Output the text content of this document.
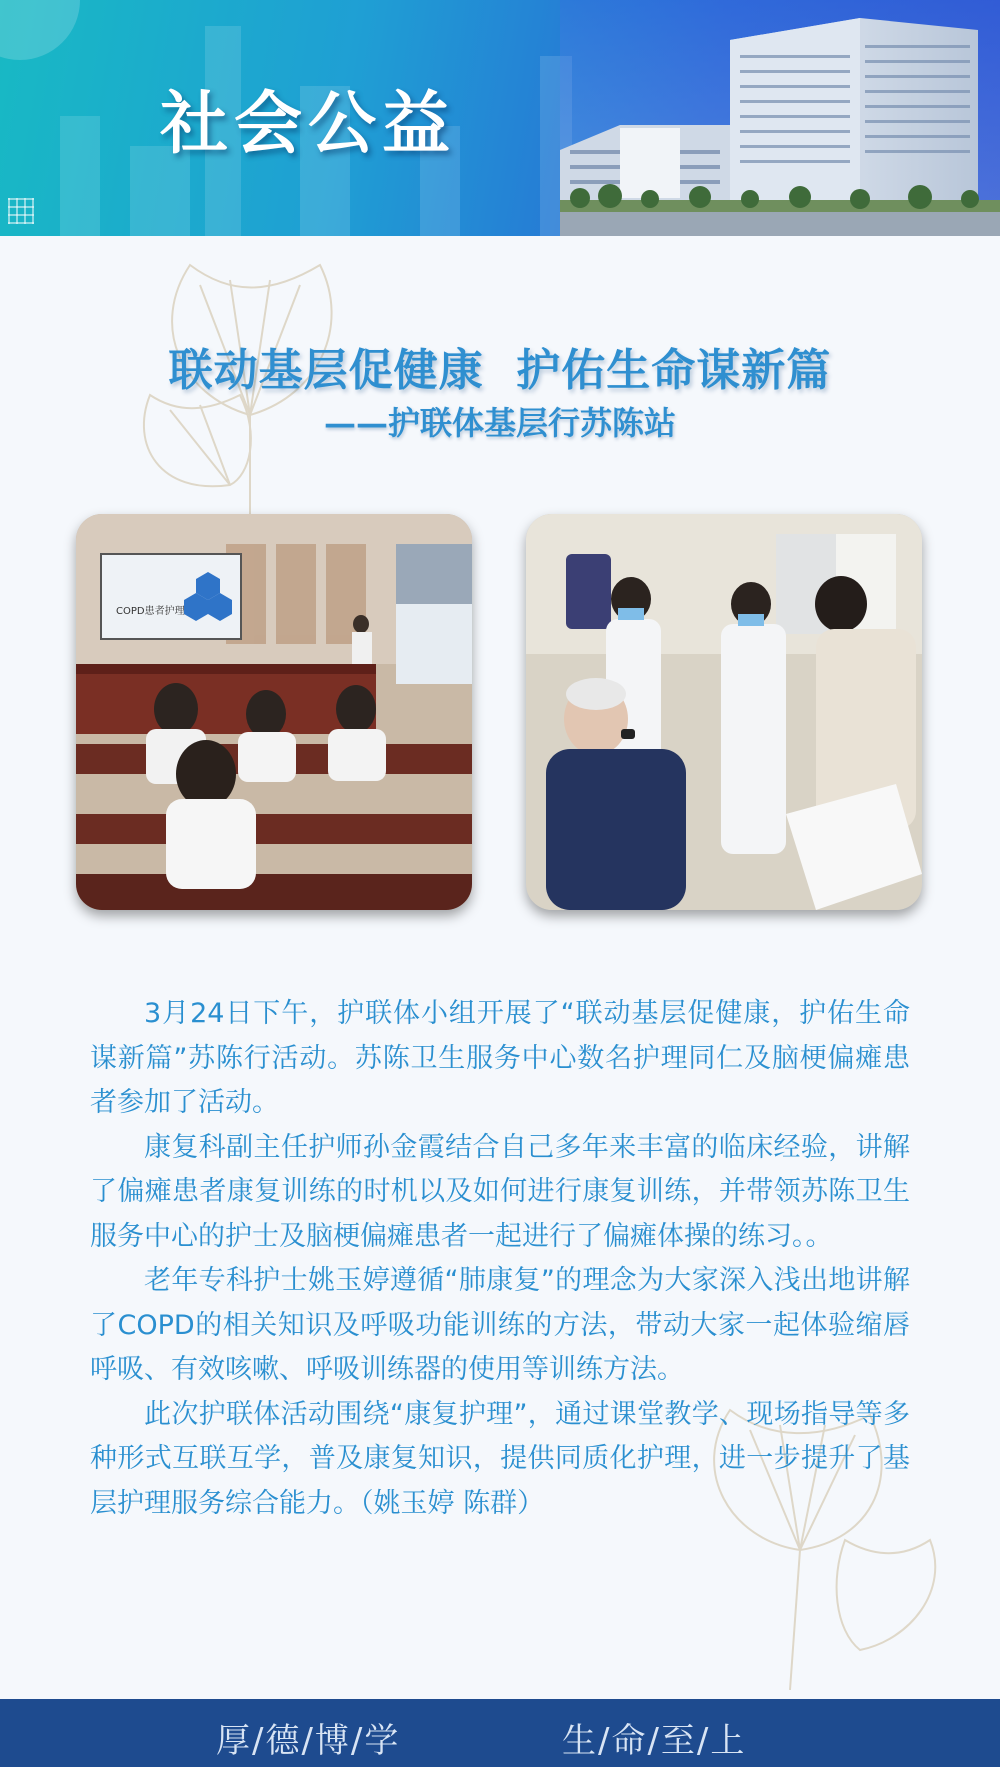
社会公益
联动基层促健康  护佑生命谋新篇
——护联体基层行苏陈站
COPD患者护理

3月24日下午，护联体小组开展了“联动基层促健康，护佑生命谋新篇”苏陈行活动。苏陈卫生服务中心数名护理同仁及脑梗偏瘫患者参加了活动。

康复科副主任护师孙金霞结合自己多年来丰富的临床经验，讲解了偏瘫患者康复训练的时机以及如何进行康复训练，并带领苏陈卫生服务中心的护士及脑梗偏瘫患者一起进行了偏瘫体操的练习。。

老年专科护士姚玉婷遵循“肺康复”的理念为大家深入浅出地讲解了COPD的相关知识及呼吸功能训练的方法，带动大家一起体验缩唇呼吸、有效咳嗽、呼吸训练器的使用等训练方法。

此次护联体活动围绕“康复护理”，通过课堂教学、现场指导等多种形式互联互学，普及康复知识，提供同质化护理，进一步提升了基层护理服务综合能力。（姚玉婷 陈群）

厚/德/博/学	生/命/至/上
